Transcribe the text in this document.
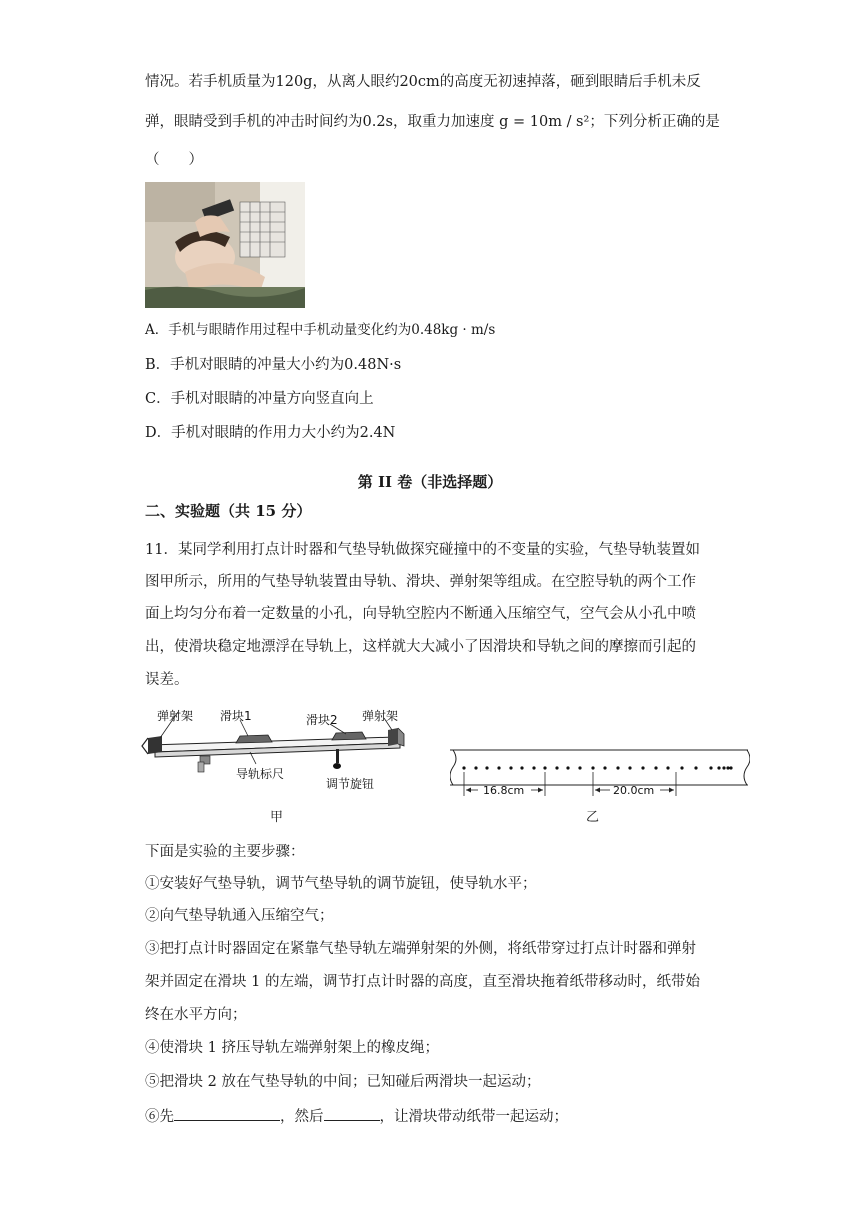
情况。若手机质量为120g，从离人眼约20cm的高度无初速掉落，砸到眼睛后手机未反
弹，眼睛受到手机的冲击时间约为0.2s，取重力加速度 g = 10m / s²；下列分析正确的是
（　　）
A．手机与眼睛作用过程中手机动量变化约为0.48kg · m/s
B．手机对眼睛的冲量大小约为0.48N·s
C．手机对眼睛的冲量方向竖直向上
D．手机对眼睛的作用力大小约为2.4N
第 II 卷（非选择题）
二、实验题（共 15 分）
11．某同学利用打点计时器和气垫导轨做探究碰撞中的不变量的实验，气垫导轨装置如
图甲所示，所用的气垫导轨装置由导轨、滑块、弹射架等组成。在空腔导轨的两个工作
面上均匀分布着一定数量的小孔，向导轨空腔内不断通入压缩空气，空气会从小孔中喷
出，使滑块稳定地漂浮在导轨上，这样就大大减小了因滑块和导轨之间的摩擦而引起的
误差。
弹射架 滑块1	滑块2 弹射架
导轨标尺
调节旋钮	16.8cm	20.0cm
甲	乙
下面是实验的主要步骤：
①安装好气垫导轨，调节气垫导轨的调节旋钮，使导轨水平；
②向气垫导轨通入压缩空气；
③把打点计时器固定在紧靠气垫导轨左端弹射架的外侧，将纸带穿过打点计时器和弹射
架并固定在滑块 1 的左端，调节打点计时器的高度，直至滑块拖着纸带移动时，纸带始
终在水平方向；
④使滑块 1 挤压导轨左端弹射架上的橡皮绳；
⑤把滑块 2 放在气垫导轨的中间；已知碰后两滑块一起运动；
⑥先	，然后	，让滑块带动纸带一起运动；
